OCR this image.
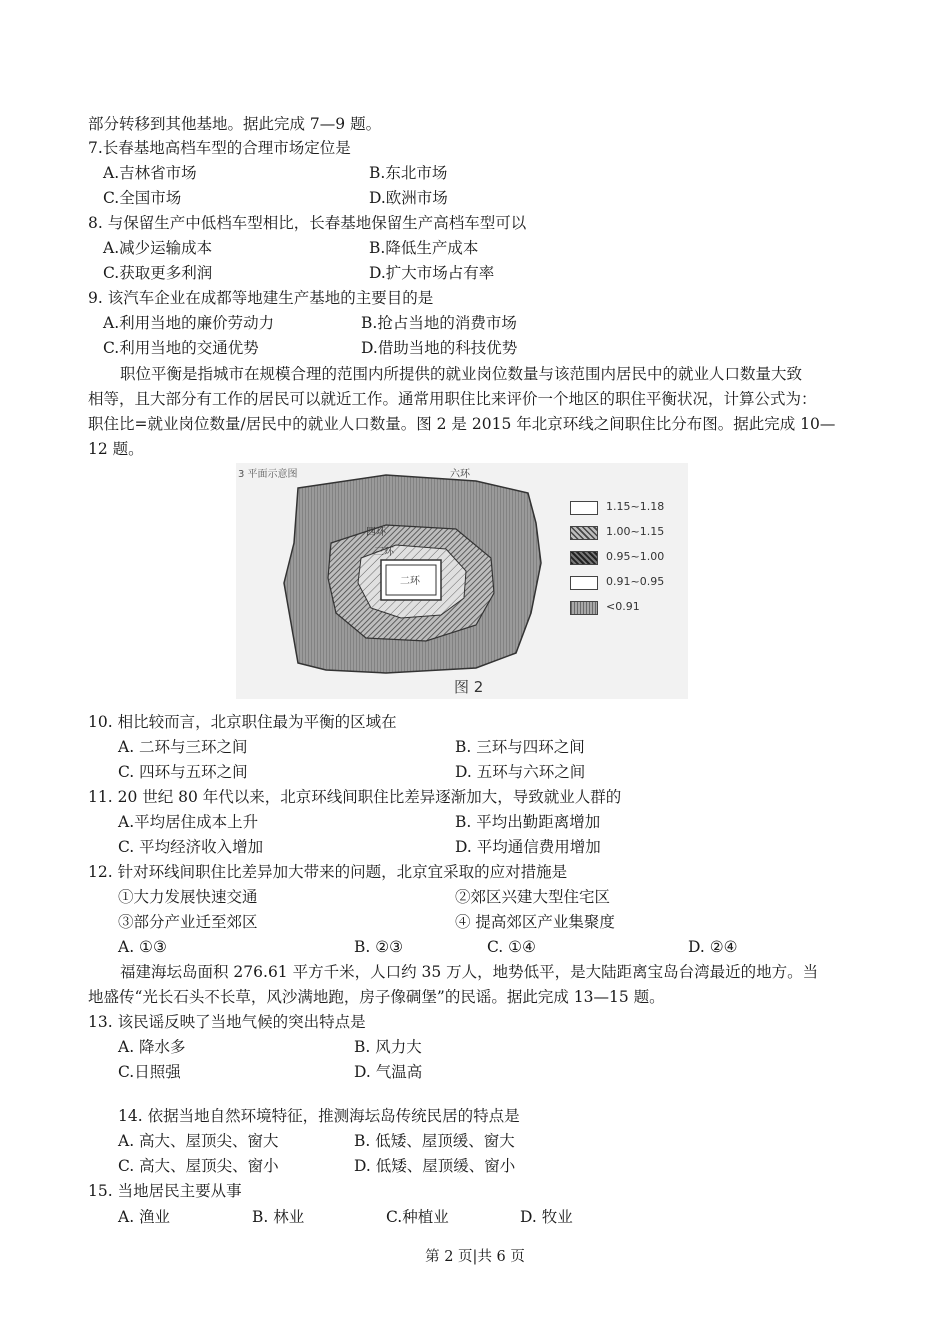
部分转移到其他基地。据此完成 7—9 题。
7.长春基地高档车型的合理市场定位是
A.吉林省市场	B.东北市场
C.全国市场	D.欧洲市场
8. 与保留生产中低档车型相比，长春基地保留生产高档车型可以
A.减少运输成本	B.降低生产成本
C.获取更多利润	D.扩大市场占有率
9. 该汽车企业在成都等地建生产基地的主要目的是
A.利用当地的廉价劳动力	B.抢占当地的消费市场
C.利用当地的交通优势	D.借助当地的科技优势
职位平衡是指城市在规模合理的范围内所提供的就业岗位数量与该范围内居民中的就业人口数量大致
相等，且大部分有工作的居民可以就近工作。通常用职住比来评价一个地区的职住平衡状况，计算公式为：
职住比=就业岗位数量/居民中的就业人口数量。图 2 是 2015 年北京环线之间职住比分布图。据此完成 10—
12 题。
3 平面示意图	六环
四环
三环
二环
1.15~1.18
1.00~1.15
0.95~1.00
0.91~0.95
<0.91
图 2
10. 相比较而言，北京职住最为平衡的区域在
A. 二环与三环之间	B. 三环与四环之间
C. 四环与五环之间	D. 五环与六环之间
11. 20 世纪 80 年代以来，北京环线间职住比差异逐渐加大，导致就业人群的
A.平均居住成本上升	B. 平均出勤距离增加
C. 平均经济收入增加	D. 平均通信费用增加
12. 针对环线间职住比差异加大带来的问题，北京宜采取的应对措施是
①大力发展快速交通	②郊区兴建大型住宅区
③部分产业迁至郊区	④ 提高郊区产业集聚度
A. ①③	B. ②③	C. ①④	D. ②④
福建海坛岛面积 276.61 平方千米，人口约 35 万人，地势低平，是大陆距离宝岛台湾最近的地方。当
地盛传“光长石头不长草，风沙满地跑，房子像碉堡”的民谣。据此完成 13—15 题。
13. 该民谣反映了当地气候的突出特点是
A. 降水多	B. 风力大
C.日照强	D. 气温高
14. 依据当地自然环境特征，推测海坛岛传统民居的特点是
A. 高大、屋顶尖、窗大	B. 低矮、屋顶缓、窗大
C. 高大、屋顶尖、窗小	D. 低矮、屋顶缓、窗小
15. 当地居民主要从事
A. 渔业	B. 林业	C.种植业	D. 牧业
第 2 页|共 6 页
